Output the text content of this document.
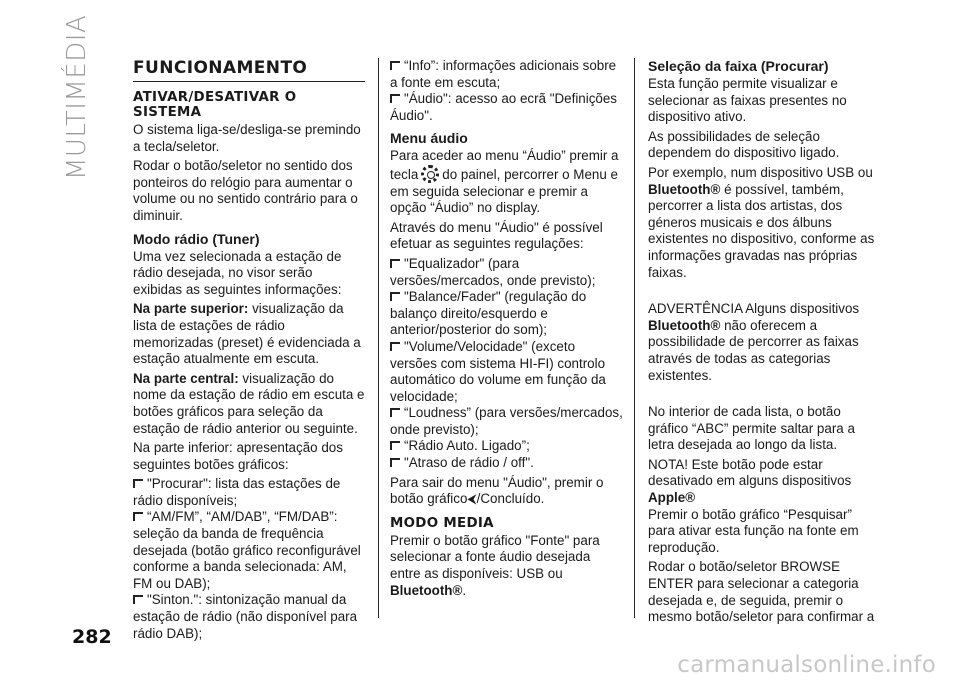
MULTIMÉDIA
282
FUNCIONAMENTO
ATIVAR/DESATIVAR O SISTEMA

O sistema liga-se/desliga-se premindo a tecla/seletor.

Rodar o botão/seletor no sentido dos ponteiros do relógio para aumentar o volume ou no sentido contrário para o diminuir.

Modo rádio (Tuner)

Uma vez selecionada a estação de rádio desejada, no visor serão exibidas as seguintes informações:

Na parte superior: visualização da lista de estações de rádio memorizadas (preset) é evidenciada a estação atualmente em escuta.

Na parte central: visualização do nome da estação de rádio em escuta e botões gráficos para seleção da estação de rádio anterior ou seguinte.

Na parte inferior: apresentação dos seguintes botões gráficos:

"Procurar": lista das estações de rádio disponíveis;
“AM/FM”, “AM/DAB”, “FM/DAB”: seleção da banda de frequência desejada (botão gráfico reconfigurável conforme a banda selecionada: AM, FM ou DAB);
"Sinton.": sintonização manual da estação de rádio (não disponível para rádio DAB);
“Info”: informações adicionais sobre a fonte em escuta;
"Áudio": acesso ao ecrã "Definições Áudio".
Menu áudio

Para aceder ao menu “Áudio” premir a tecla do painel, percorrer o Menu e em seguida selecionar e premir a opção “Áudio” no display.

Através do menu "Áudio" é possível efetuar as seguintes regulações:

"Equalizador" (para versões/mercados, onde previsto);
"Balance/Fader" (regulação do balanço direito/esquerdo e anterior/posterior do som);
"Volume/Velocidade" (exceto versões com sistema HI-FI) controlo automático do volume em função da velocidade;
“Loudness” (para versões/mercados, onde previsto);
“Rádio Auto. Ligado”;
"Atraso de rádio / off".

Para sair do menu "Áudio", premir o botão gráfico⮜/Concluído.

MODO MEDIA

Premir o botão gráfico "Fonte" para selecionar a fonte áudio desejada entre as disponíveis: USB ou Bluetooth®.

Seleção da faixa (Procurar)

Esta função permite visualizar e selecionar as faixas presentes no dispositivo ativo.

As possibilidades de seleção dependem do dispositivo ligado.

Por exemplo, num dispositivo USB ou Bluetooth® é possível, também, percorrer a lista dos artistas, dos géneros musicais e dos álbuns existentes no dispositivo, conforme as informações gravadas nas próprias faixas.

ADVERTÊNCIA Alguns dispositivos Bluetooth® não oferecem a possibilidade de percorrer as faixas através de todas as categorias existentes.

No interior de cada lista, o botão gráfico “ABC” permite saltar para a letra desejada ao longo da lista.

NOTA! Este botão pode estar desativado em alguns dispositivos
Apple®

Premir o botão gráfico “Pesquisar” para ativar esta função na fonte em reprodução.

Rodar o botão/seletor BROWSE ENTER para selecionar a categoria desejada e, de seguida, premir o mesmo botão/seletor para confirmar a

carmanualsonline.info
